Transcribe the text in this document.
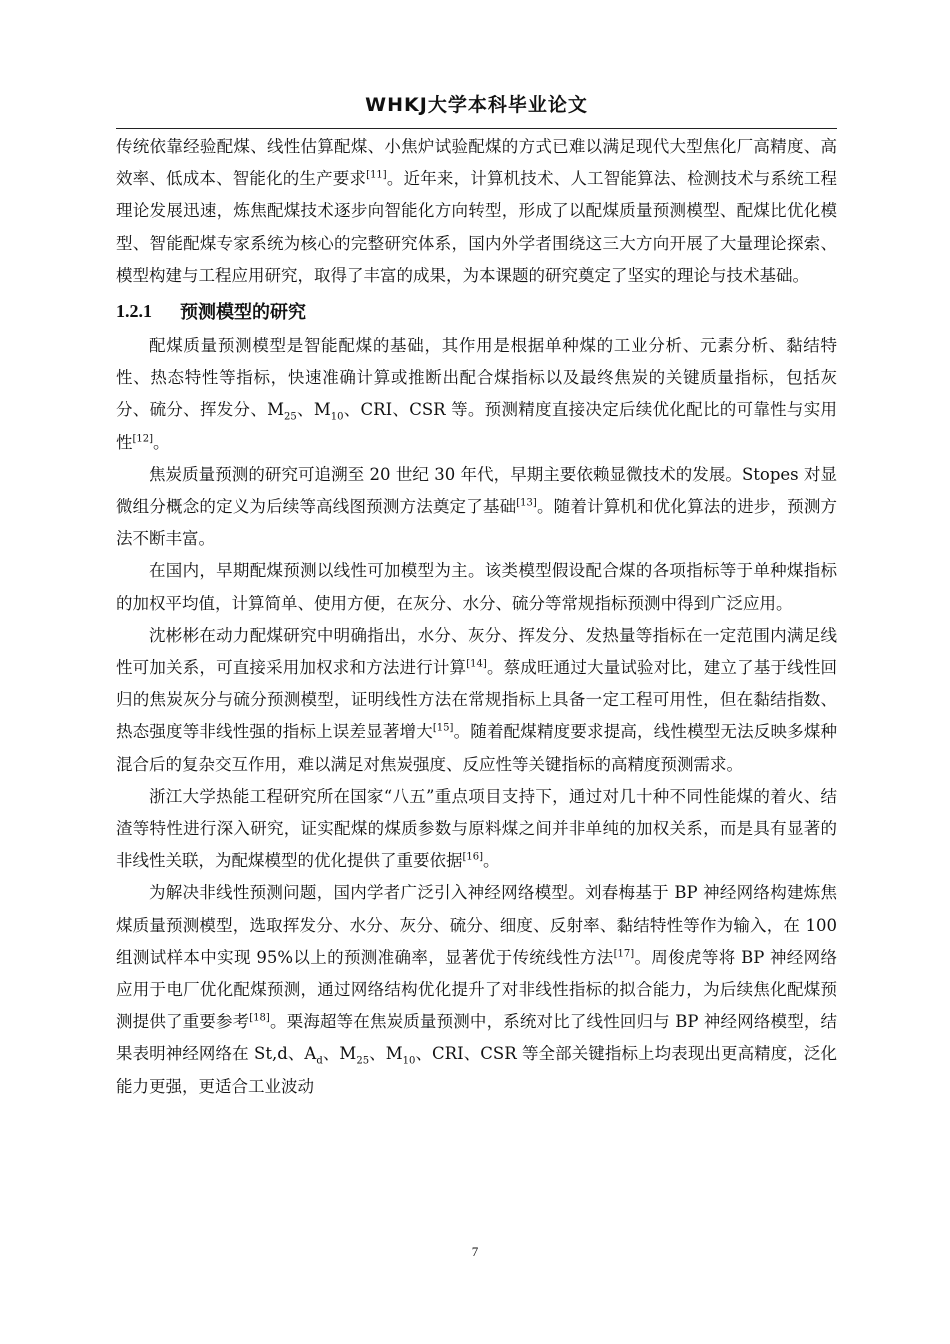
WHKJ大学本科毕业论文

传统依靠经验配煤、线性估算配煤、小焦炉试验配煤的方式已难以满足现代大型焦化厂高精度、高效率、低成本、智能化的生产要求[11]。近年来，计算机技术、人工智能算法、检测技术与系统工程理论发展迅速，炼焦配煤技术逐步向智能化方向转型，形成了以配煤质量预测模型、配煤比优化模型、智能配煤专家系统为核心的完整研究体系，国内外学者围绕这三大方向开展了大量理论探索、模型构建与工程应用研究，取得了丰富的成果，为本课题的研究奠定了坚实的理论与技术基础。

1.2.1	预测模型的研究

配煤质量预测模型是智能配煤的基础，其作用是根据单种煤的工业分析、元素分析、黏结特性、热态特性等指标，快速准确计算或推断出配合煤指标以及最终焦炭的关键质量指标，包括灰分、硫分、挥发分、$M_{25}$、$M_{10}$、CRI、CSR 等。预测精度直接决定后续优化配比的可靠性与实用性[12]。

焦炭质量预测的研究可追溯至 20 世纪 30 年代，早期主要依赖显微技术的发展。Stopes 对显微组分概念的定义为后续等高线图预测方法奠定了基础[13]。随着计算机和优化算法的进步，预测方法不断丰富。

在国内，早期配煤预测以线性可加模型为主。该类模型假设配合煤的各项指标等于单种煤指标的加权平均值，计算简单、使用方便，在灰分、水分、硫分等常规指标预测中得到广泛应用。

沈彬彬在动力配煤研究中明确指出，水分、灰分、挥发分、发热量等指标在一定范围内满足线性可加关系，可直接采用加权求和方法进行计算[14]。蔡成旺通过大量试验对比，建立了基于线性回归的焦炭灰分与硫分预测模型，证明线性方法在常规指标上具备一定工程可用性，但在黏结指数、热态强度等非线性强的指标上误差显著增大[15]。随着配煤精度要求提高，线性模型无法反映多煤种混合后的复杂交互作用，难以满足对焦炭强度、反应性等关键指标的高精度预测需求。

浙江大学热能工程研究所在国家“八五”重点项目支持下，通过对几十种不同性能煤的着火、结渣等特性进行深入研究，证实配煤的煤质参数与原料煤之间并非单纯的加权关系，而是具有显著的非线性关联，为配煤模型的优化提供了重要依据[16]。

为解决非线性预测问题，国内学者广泛引入神经网络模型。刘春梅基于 BP 神经网络构建炼焦煤质量预测模型，选取挥发分、水分、灰分、硫分、细度、反射率、黏结特性等作为输入，在 100 组测试样本中实现 95%以上的预测准确率，显著优于传统线性方法[17]。周俊虎等将 BP 神经网络应用于电厂优化配煤预测，通过网络结构优化提升了对非线性指标的拟合能力，为后续焦化配煤预测提供了重要参考[18]。栗海超等在焦炭质量预测中，系统对比了线性回归与 BP 神经网络模型，结果表明神经网络在 St,d、$A_d$、$M_{25}$、$M_{10}$、CRI、CSR 等全部关键指标上均表现出更高精度，泛化能力更强，更适合工业波动

7
